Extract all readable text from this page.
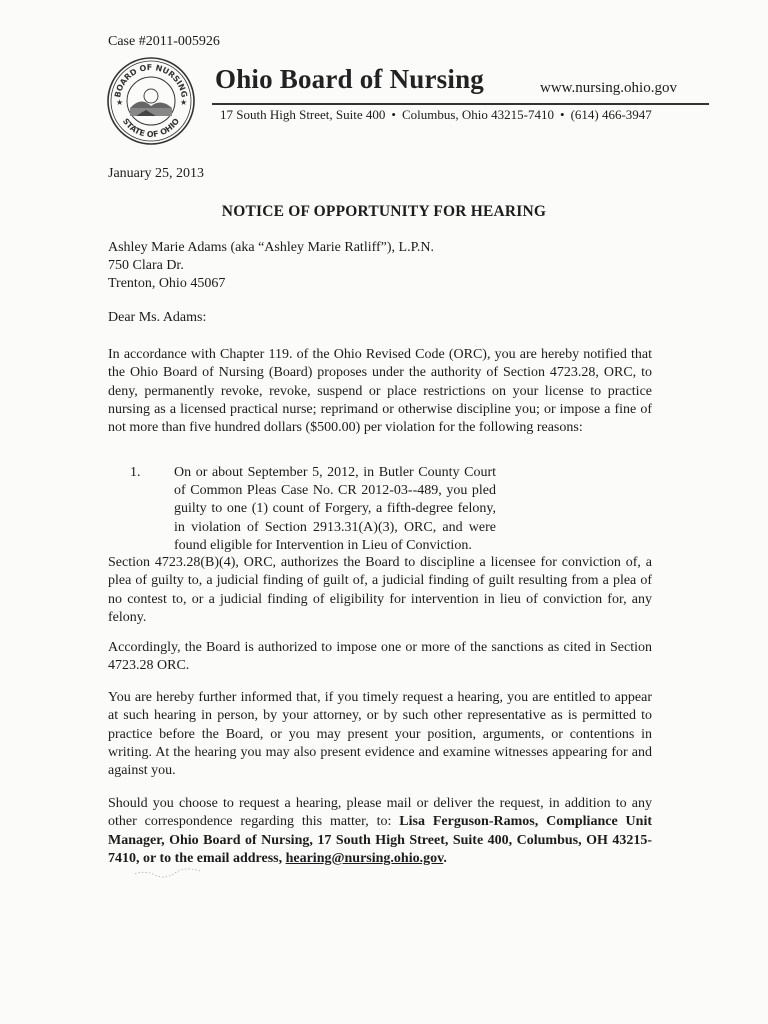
Case #2011-005926
BOARD OF NURSING
STATE OF OHIO
★	★
Ohio Board of Nursing	www.nursing.ohio.gov
17 South High Street, Suite 400 • Columbus, Ohio 43215-7410 • (614) 466-3947
January 25, 2013
NOTICE OF OPPORTUNITY FOR HEARING
Ashley Marie Adams (aka “Ashley Marie Ratliff”), L.P.N.
750 Clara Dr.
Trenton, Ohio 45067
Dear Ms. Adams:
In accordance with Chapter 119. of the Ohio Revised Code (ORC), you are hereby notified that the Ohio Board of Nursing (Board) proposes under the authority of Section 4723.28, ORC, to deny, permanently revoke, revoke, suspend or place restrictions on your license to practice nursing as a licensed practical nurse; reprimand or otherwise discipline you; or impose a fine of not more than five hundred dollars ($500.00) per violation for the following reasons:
1.	On or about September 5, 2012, in Butler County Court of Common Pleas Case No. CR 2012-03--489, you pled guilty to one (1) count of Forgery, a fifth-degree felony, in violation of Section 2913.31(A)(3), ORC, and were found eligible for Intervention in Lieu of Conviction.
Section 4723.28(B)(4), ORC, authorizes the Board to discipline a licensee for conviction of, a plea of guilty to, a judicial finding of guilt of, a judicial finding of guilt resulting from a plea of no contest to, or a judicial finding of eligibility for intervention in lieu of conviction for, any felony.
Accordingly, the Board is authorized to impose one or more of the sanctions as cited in Section 4723.28 ORC.
You are hereby further informed that, if you timely request a hearing, you are entitled to appear at such hearing in person, by your attorney, or by such other representative as is permitted to practice before the Board, or you may present your position, arguments, or contentions in writing. At the hearing you may also present evidence and examine witnesses appearing for and against you.
Should you choose to request a hearing, please mail or deliver the request, in addition to any other correspondence regarding this matter, to: Lisa Ferguson-Ramos, Compliance Unit Manager, Ohio Board of Nursing, 17 South High Street, Suite 400, Columbus, OH 43215-7410, or to the email address, hearing@nursing.ohio.gov.
